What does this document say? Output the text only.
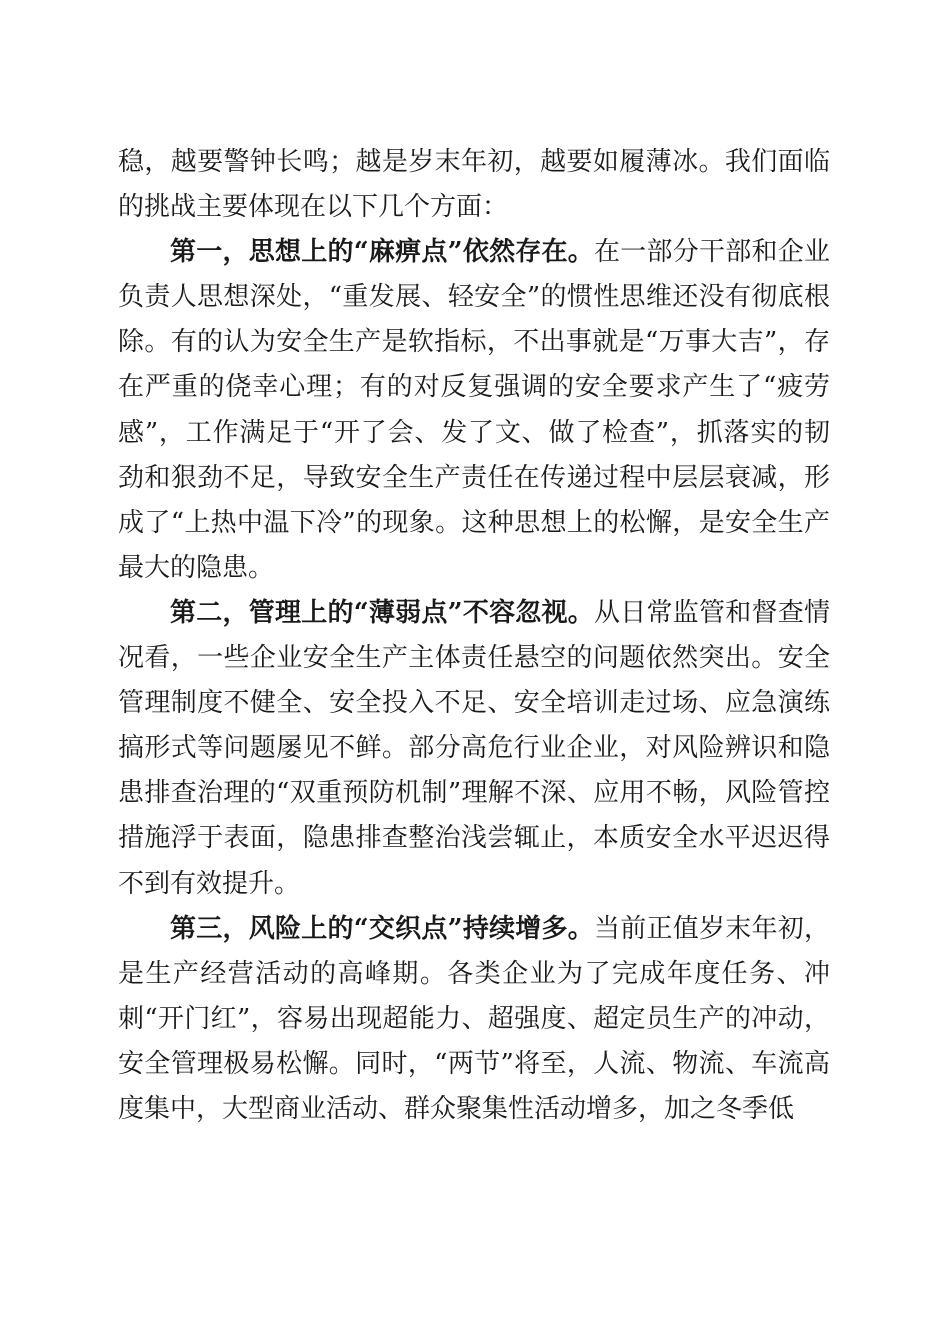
稳，越要警钟长鸣；越是岁末年初，越要如履薄冰。我们面临的挑战主要体现在以下几个方面：

第一，思想上的“麻痹点”依然存在。在一部分干部和企业负责人思想深处，“重发展、轻安全”的惯性思维还没有彻底根除。有的认为安全生产是软指标，不出事就是“万事大吉”，存在严重的侥幸心理；有的对反复强调的安全要求产生了“疲劳感”，工作满足于“开了会、发了文、做了检查”，抓落实的韧劲和狠劲不足，导致安全生产责任在传递过程中层层衰减，形成了“上热中温下冷”的现象。这种思想上的松懈，是安全生产最大的隐患。

第二，管理上的“薄弱点”不容忽视。从日常监管和督查情况看，一些企业安全生产主体责任悬空的问题依然突出。安全管理制度不健全、安全投入不足、安全培训走过场、应急演练搞形式等问题屡见不鲜。部分高危行业企业，对风险辨识和隐患排查治理的“双重预防机制”理解不深、应用不畅，风险管控措施浮于表面，隐患排查整治浅尝辄止，本质安全水平迟迟得不到有效提升。

第三，风险上的“交织点”持续增多。当前正值岁末年初，是生产经营活动的高峰期。各类企业为了完成年度任务、冲刺“开门红”，容易出现超能力、超强度、超定员生产的冲动，安全管理极易松懈。同时，“两节”将至，人流、物流、车流高度集中，大型商业活动、群众聚集性活动增多，加之冬季低
